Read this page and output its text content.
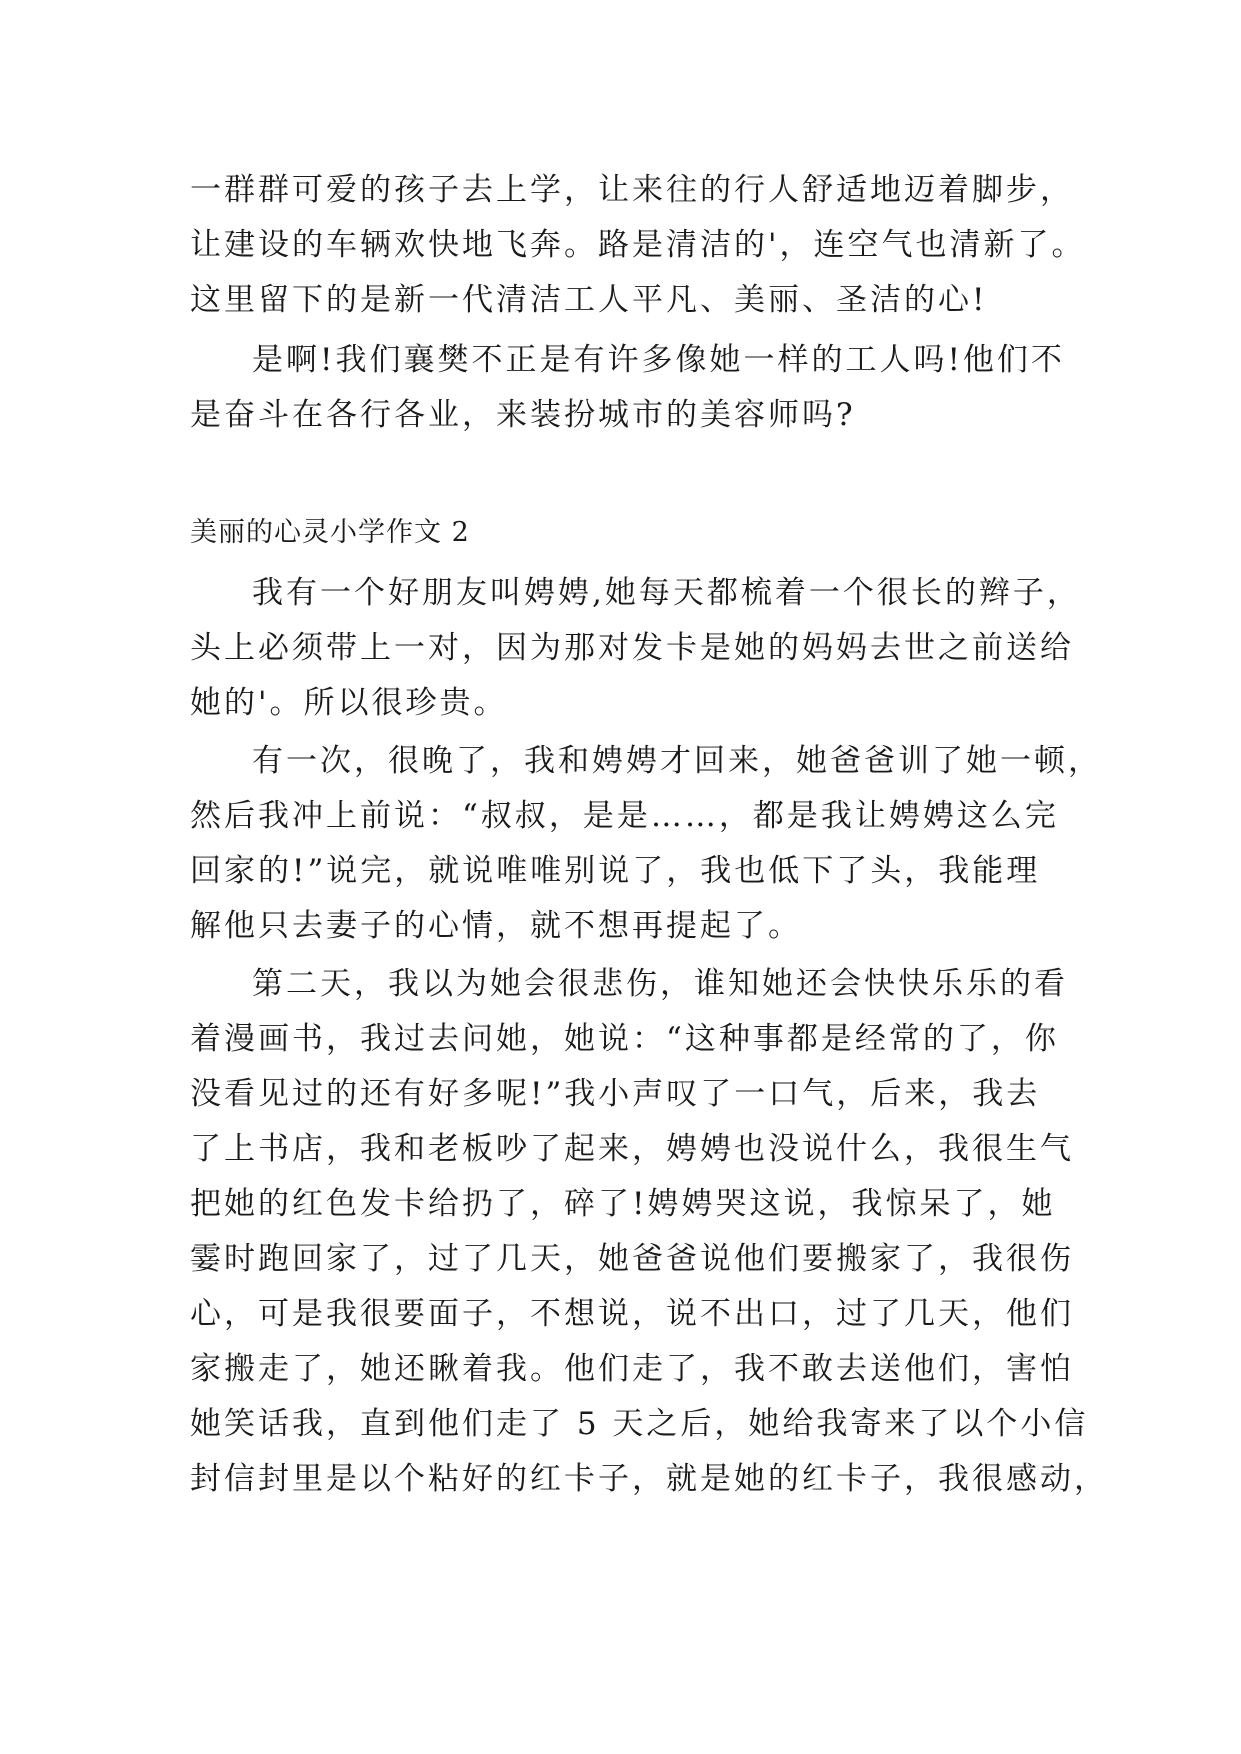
一群群可爱的孩子去上学，让来往的行人舒适地迈着脚步，
让建设的车辆欢快地飞奔。路是清洁的'，连空气也清新了。
这里留下的是新一代清洁工人平凡、美丽、圣洁的心!
是啊!我们襄樊不正是有许多像她一样的工人吗!他们不
是奋斗在各行各业，来装扮城市的美容师吗?
美丽的心灵小学作文 2
我有一个好朋友叫娉娉,她每天都梳着一个很长的辫子，
头上必须带上一对，因为那对发卡是她的妈妈去世之前送给
她的'。所以很珍贵。
有一次，很晚了，我和娉娉才回来，她爸爸训了她一顿，
然后我冲上前说：“叔叔，是是……，都是我让娉娉这么完
回家的!”说完，就说唯唯别说了，我也低下了头，我能理
解他只去妻子的心情，就不想再提起了。
第二天，我以为她会很悲伤，谁知她还会快快乐乐的看
着漫画书，我过去问她，她说：“这种事都是经常的了，你
没看见过的还有好多呢!”我小声叹了一口气，后来，我去
了上书店，我和老板吵了起来，娉娉也没说什么，我很生气
把她的红色发卡给扔了，碎了!娉娉哭这说，我惊呆了，她
霎时跑回家了，过了几天，她爸爸说他们要搬家了，我很伤
心，可是我很要面子，不想说，说不出口，过了几天，他们
家搬走了，她还瞅着我。他们走了，我不敢去送他们，害怕
她笑话我，直到他们走了 5 天之后，她给我寄来了以个小信
封信封里是以个粘好的红卡子，就是她的红卡子，我很感动，
